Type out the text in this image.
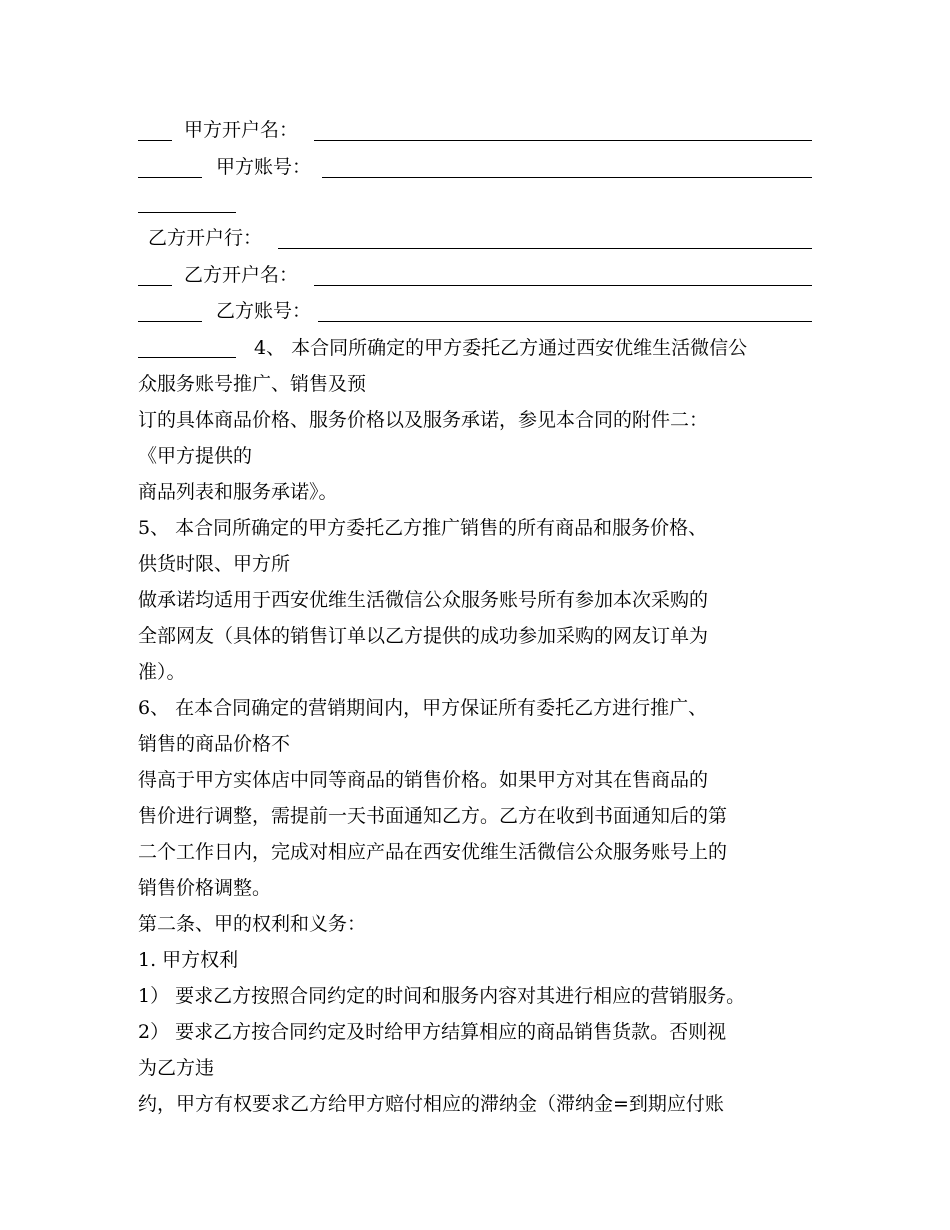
甲方开户名：
甲方账号：
乙方开户行：
乙方开户名：
乙方账号：
4、 本合同所确定的甲方委托乙方通过西安优维生活微信公
众服务账号推广、销售及预
订的具体商品价格、服务价格以及服务承诺，参见本合同的附件二：
《甲方提供的
商品列表和服务承诺》。
5、 本合同所确定的甲方委托乙方推广销售的所有商品和服务价格、
供货时限、甲方所
做承诺均适用于西安优维生活微信公众服务账号所有参加本次采购的
全部网友（具体的销售订单以乙方提供的成功参加采购的网友订单为
准）。
6、 在本合同确定的营销期间内，甲方保证所有委托乙方进行推广、
销售的商品价格不
得高于甲方实体店中同等商品的销售价格。如果甲方对其在售商品的
售价进行调整，需提前一天书面通知乙方。乙方在收到书面通知后的第
二个工作日内，完成对相应产品在西安优维生活微信公众服务账号上的
销售价格调整。
第二条、甲的权利和义务：
1. 甲方权利
1） 要求乙方按照合同约定的时间和服务内容对其进行相应的营销服务。
2） 要求乙方按合同约定及时给甲方结算相应的商品销售货款。否则视
为乙方违
约，甲方有权要求乙方给甲方赔付相应的滞纳金（滞纳金=到期应付账
